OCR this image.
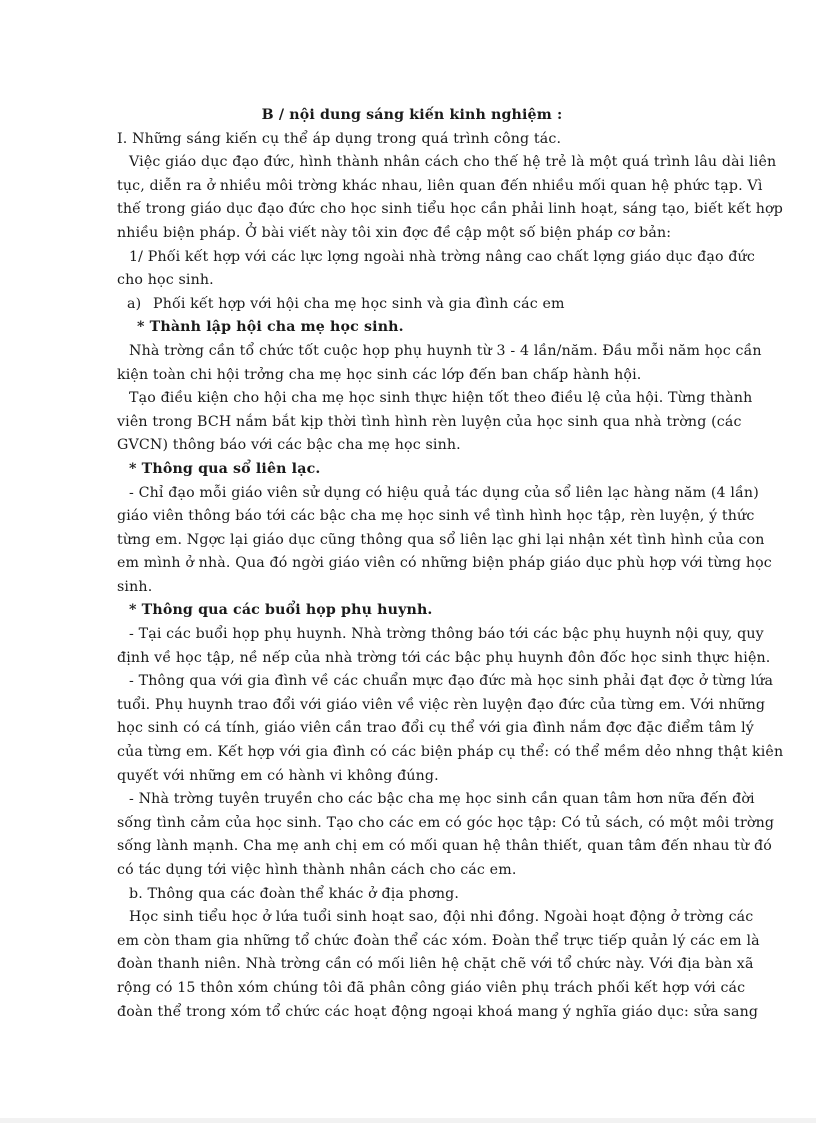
B / nội dung sáng kiến kinh nghiệm :
I. Những sáng kiến cụ thể áp dụng trong quá trình công tác.
Việc giáo dục đạo đức, hình thành nhân cách cho thế hệ trẻ là một quá trình lâu dài liên
tục, diễn ra ở nhiều môi trờng khác nhau, liên quan đến nhiều mối quan hệ phức tạp. Vì
thế trong giáo dục đạo đức cho học sinh tiểu học cần phải linh hoạt, sáng tạo, biết kết hợp
nhiều biện pháp. Ở bài viết này tôi xin đợc đề cập một số biện pháp cơ bản:
1/ Phối kết hợp với các lực lợng ngoài nhà trờng nâng cao chất lợng giáo dục đạo đức
cho học sinh.
a) Phối kết hợp với hội cha mẹ học sinh và gia đình các em
* Thành lập hội cha mẹ học sinh.
Nhà trờng cần tổ chức tốt cuộc họp phụ huynh từ 3 - 4 lần/năm. Đầu mỗi năm học cần
kiện toàn chi hội trởng cha mẹ học sinh các lớp đến ban chấp hành hội.
Tạo điều kiện cho hội cha mẹ học sinh thực hiện tốt theo điều lệ của hội. Từng thành
viên trong BCH nắm bắt kịp thời tình hình rèn luyện của học sinh qua nhà trờng (các
GVCN) thông báo với các bậc cha mẹ học sinh.
* Thông qua sổ liên lạc.
- Chỉ đạo mỗi giáo viên sử dụng có hiệu quả tác dụng của sổ liên lạc hàng năm (4 lần)
giáo viên thông báo tới các bậc cha mẹ học sinh về tình hình học tập, rèn luyện, ý thức
từng em. Ngợc lại giáo dục cũng thông qua sổ liên lạc ghi lại nhận xét tình hình của con
em mình ở nhà. Qua đó ngời giáo viên có những biện pháp giáo dục phù hợp với từng học
sinh.
* Thông qua các buổi họp phụ huynh.
- Tại các buổi họp phụ huynh. Nhà trờng thông báo tới các bậc phụ huynh nội quy, quy
định về học tập, nề nếp của nhà trờng tới các bậc phụ huynh đôn đốc học sinh thực hiện.
- Thông qua với gia đình về các chuẩn mực đạo đức mà học sinh phải đạt đợc ở từng lứa
tuổi. Phụ huynh trao đổi với giáo viên về việc rèn luyện đạo đức của từng em. Với những
học sinh có cá tính, giáo viên cần trao đổi cụ thể với gia đình nắm đợc đặc điểm tâm lý
của từng em. Kết hợp với gia đình có các biện pháp cụ thể: có thể mềm dẻo nhng thật kiên
quyết với những em có hành vi không đúng.
- Nhà trờng tuyên truyền cho các bậc cha mẹ học sinh cần quan tâm hơn nữa đến đời
sống tình cảm của học sinh. Tạo cho các em có góc học tập: Có tủ sách, có một môi trờng
sống lành mạnh. Cha mẹ anh chị em có mối quan hệ thân thiết, quan tâm đến nhau từ đó
có tác dụng tới việc hình thành nhân cách cho các em.
b. Thông qua các đoàn thể khác ở địa phơng.
Học sinh tiểu học ở lứa tuổi sinh hoạt sao, đội nhi đồng. Ngoài hoạt động ở trờng các
em còn tham gia những tổ chức đoàn thể các xóm. Đoàn thể trực tiếp quản lý các em là
đoàn thanh niên. Nhà trờng cần có mối liên hệ chặt chẽ với tổ chức này. Với địa bàn xã
rộng có 15 thôn xóm chúng tôi đã phân công giáo viên phụ trách phối kết hợp với các
đoàn thể trong xóm tổ chức các hoạt động ngoại khoá mang ý nghĩa giáo dục: sửa sang
